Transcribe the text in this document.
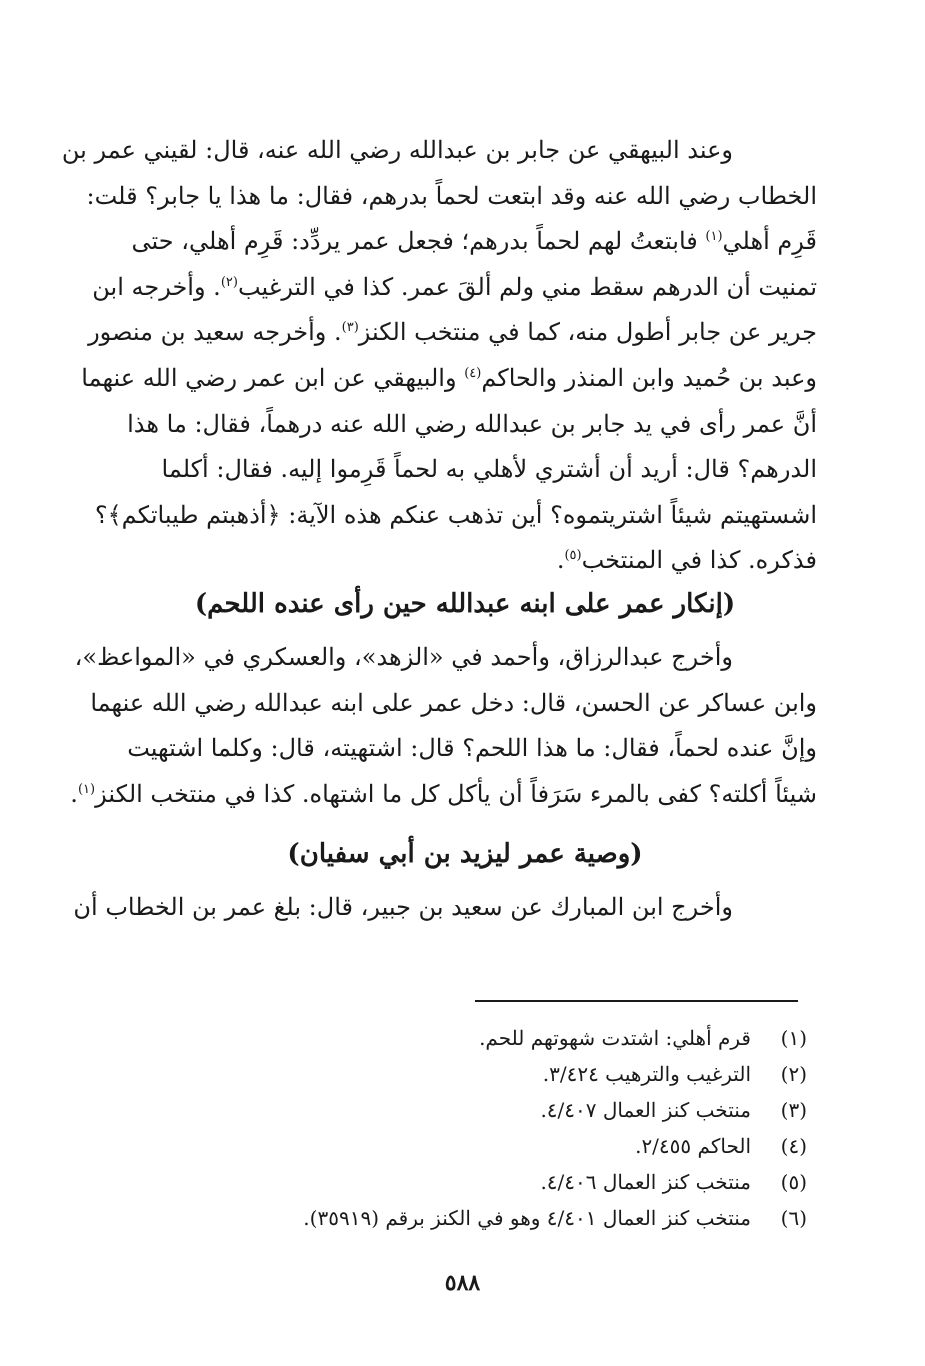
وعند البيهقي عن جابر بن عبدالله رضي الله عنه، قال: لقيني عمر بن
الخطاب رضي الله عنه وقد ابتعت لحماً بدرهم، فقال: ما هذا يا جابر؟ قلت:
قَرِم أهلي$^{(١)}$ فابتعتُ لهم لحماً بدرهم؛ فجعل عمر يردِّد: قَرِم أهلي، حتى
تمنيت أن الدرهم سقط مني ولم ألقَ عمر. كذا في الترغيب$^{(٢)}$. وأخرجه ابن
جرير عن جابر أطول منه، كما في منتخب الكنز$^{(٣)}$. وأخرجه سعيد بن منصور
وعبد بن حُميد وابن المنذر والحاكم$^{(٤)}$ والبيهقي عن ابن عمر رضي الله عنهما
أنَّ عمر رأى في يد جابر بن عبدالله رضي الله عنه درهماً، فقال: ما هذا
الدرهم؟ قال: أريد أن أشتري لأهلي به لحماً قَرِموا إليه. فقال: أكلما
اشستهيتم شيئاً اشتريتموه؟ أين تذهب عنكم هذه الآية: ﴿أذهبتم طيباتكم﴾؟
فذكره. كذا في المنتخب$^{(٥)}$.
(إنكار عمر على ابنه عبدالله حين رأى عنده اللحم)
وأخرج عبدالرزاق، وأحمد في «الزهد»، والعسكري في «المواعظ»،
وابن عساكر عن الحسن، قال: دخل عمر على ابنه عبدالله رضي الله عنهما
وإنَّ عنده لحماً، فقال: ما هذا اللحم؟ قال: اشتهيته، قال: وكلما اشتهيت
شيئاً أكلته؟ كفى بالمرء سَرَفاً أن يأكل كل ما اشتهاه. كذا في منتخب الكنز$^{(١)}$.
(وصية عمر ليزيد بن أبي سفيان)
وأخرج ابن المبارك عن سعيد بن جبير، قال: بلغ عمر بن الخطاب أن
(١)
قرم أهلي: اشتدت شهوتهم للحم.
(٢)
الترغيب والترهيب ٣/٤٢٤.
(٣)
منتخب كنز العمال ٤/٤٠٧.
(٤)
الحاكم ٢/٤٥٥.
(٥)
منتخب كنز العمال ٤/٤٠٦.
(٦)
منتخب كنز العمال ٤/٤٠١ وهو في الكنز برقم (٣٥٩١٩).
٥٨٨
